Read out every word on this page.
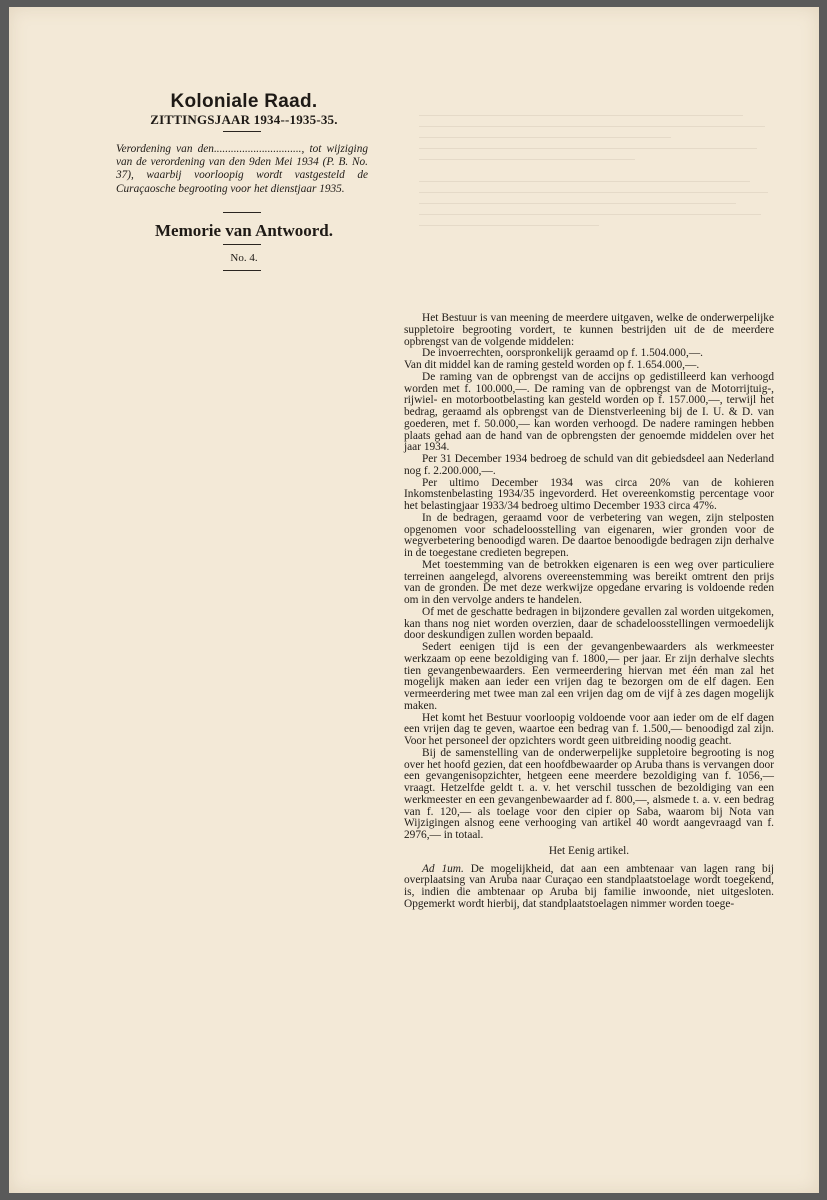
Koloniale Raad.
ZITTINGSJAAR 1934--1935-35.
Verordening van den..............................., tot wijziging van de verordening van den 9den Mei 1934 (P. B. No. 37), waarbij voorloopig wordt vastgesteld de Curaçaosche begrooting voor het dienstjaar 1935.
Memorie van Antwoord.
No. 4.

Het Bestuur is van meening de meerdere uitgaven, welke de onderwerpelijke suppletoire begrooting vordert, te kunnen bestrijden uit de de meerdere opbrengst van de volgende middelen:

De invoerrechten, oorspronkelijk geraamd op f. 1.504.000,—.

Van dit middel kan de raming gesteld worden op f. 1.654.000,—.

De raming van de opbrengst van de accijns op gedistilleerd kan verhoogd worden met f. 100.000,—. De raming van de opbrengst van de Motorrijtuig-, rijwiel- en motorbootbelasting kan gesteld worden op f. 157.000,—, terwijl het bedrag, geraamd als opbrengst van de Dienstverleening bij de I. U. & D. van goederen, met f. 50.000,— kan worden verhoogd. De nadere ramingen hebben plaats gehad aan de hand van de opbrengsten der genoemde middelen over het jaar 1934.

Per 31 December 1934 bedroeg de schuld van dit gebiedsdeel aan Nederland nog f. 2.200.000,—.

Per ultimo December 1934 was circa 20% van de kohieren Inkomstenbelasting 1934/35 ingevorderd. Het overeenkomstig percentage voor het belastingjaar 1933/34 bedroeg ultimo December 1933 circa 47%.

In de bedragen, geraamd voor de verbetering van wegen, zijn stelposten opgenomen voor schadeloosstelling van eigenaren, wier gronden voor de wegverbetering benoodigd waren. De daartoe benoodigde bedragen zijn derhalve in de toegestane credieten begrepen.

Met toestemming van de betrokken eigenaren is een weg over particuliere terreinen aangelegd, alvorens overeenstemming was bereikt omtrent den prijs van de gronden. De met deze werkwijze opgedane ervaring is voldoende reden om in den vervolge anders te handelen.

Of met de geschatte bedragen in bijzondere gevallen zal worden uitgekomen, kan thans nog niet worden overzien, daar de schadeloosstellingen vermoedelijk door deskundigen zullen worden bepaald.

Sedert eenigen tijd is een der gevangenbewaarders als werkmeester werkzaam op eene bezoldiging van f. 1800,— per jaar. Er zijn derhalve slechts tien gevangenbewaarders. Een vermeerdering hiervan met één man zal het mogelijk maken aan ieder een vrijen dag te bezorgen om de elf dagen. Een vermeerdering met twee man zal een vrijen dag om de vijf à zes dagen mogelijk maken.

Het komt het Bestuur voorloopig voldoende voor aan ieder om de elf dagen een vrijen dag te geven, waartoe een bedrag van f. 1.500,— benoodigd zal zijn. Voor het personeel der opzichters wordt geen uitbreiding noodig geacht.

Bij de samenstelling van de onderwerpelijke suppletoire begrooting is nog over het hoofd gezien, dat een hoofdbewaarder op Aruba thans is vervangen door een gevangenisopzichter, hetgeen eene meerdere bezoldiging van f. 1056,— vraagt. Hetzelfde geldt t. a. v. het verschil tusschen de bezoldiging van een werkmeester en een gevangenbewaarder ad f. 800,—, alsmede t. a. v. een bedrag van f. 120,— als toelage voor den cipier op Saba, waarom bij Nota van Wijzigingen alsnog eene verhooging van artikel 40 wordt aangevraagd van f. 2976,— in totaal.

Het Eenig artikel.

Ad 1um. De mogelijkheid, dat aan een ambtenaar van lagen rang bij overplaatsing van Aruba naar Curaçao een standplaatstoelage wordt toegekend, is, indien die ambtenaar op Aruba bij familie inwoonde, niet uitgesloten. Opgemerkt wordt hierbij, dat standplaatstoelagen nimmer worden toege-
